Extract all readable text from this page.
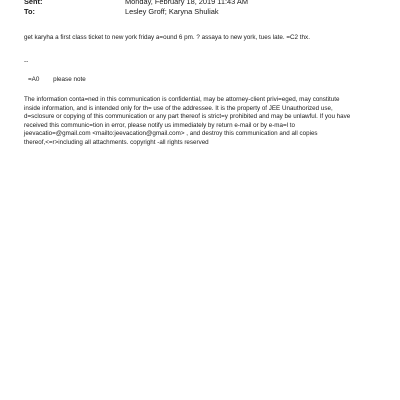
Sent:	Monday, February 18, 2019 11:43 AM
To:	Lesley Groff; Karyna Shuliak
get karyha a first class ticket to new york friday a=ound 6 pm. ? assaya to new york, tues late. =C2 thx.
--
=A0 please note
The information conta=ned in this communication is confidential, may be attorney-client privi=eged, may constitute
inside information, and is intended only for th= use of the addressee. It is the property of JEE Unauthorized use,
d=sclosure or copying of this communication or any part thereof is strict=y prohibited and may be unlawful. If you have
received this communic=tion in error, please notify us immediately by return e-mail or by e-ma=l to
jeevacatio=@gmail.com <mailto:jeevacation@gmail.com> , and destroy this communication and all copies
thereof,<=r>including all attachments. copyright -all rights reserved
